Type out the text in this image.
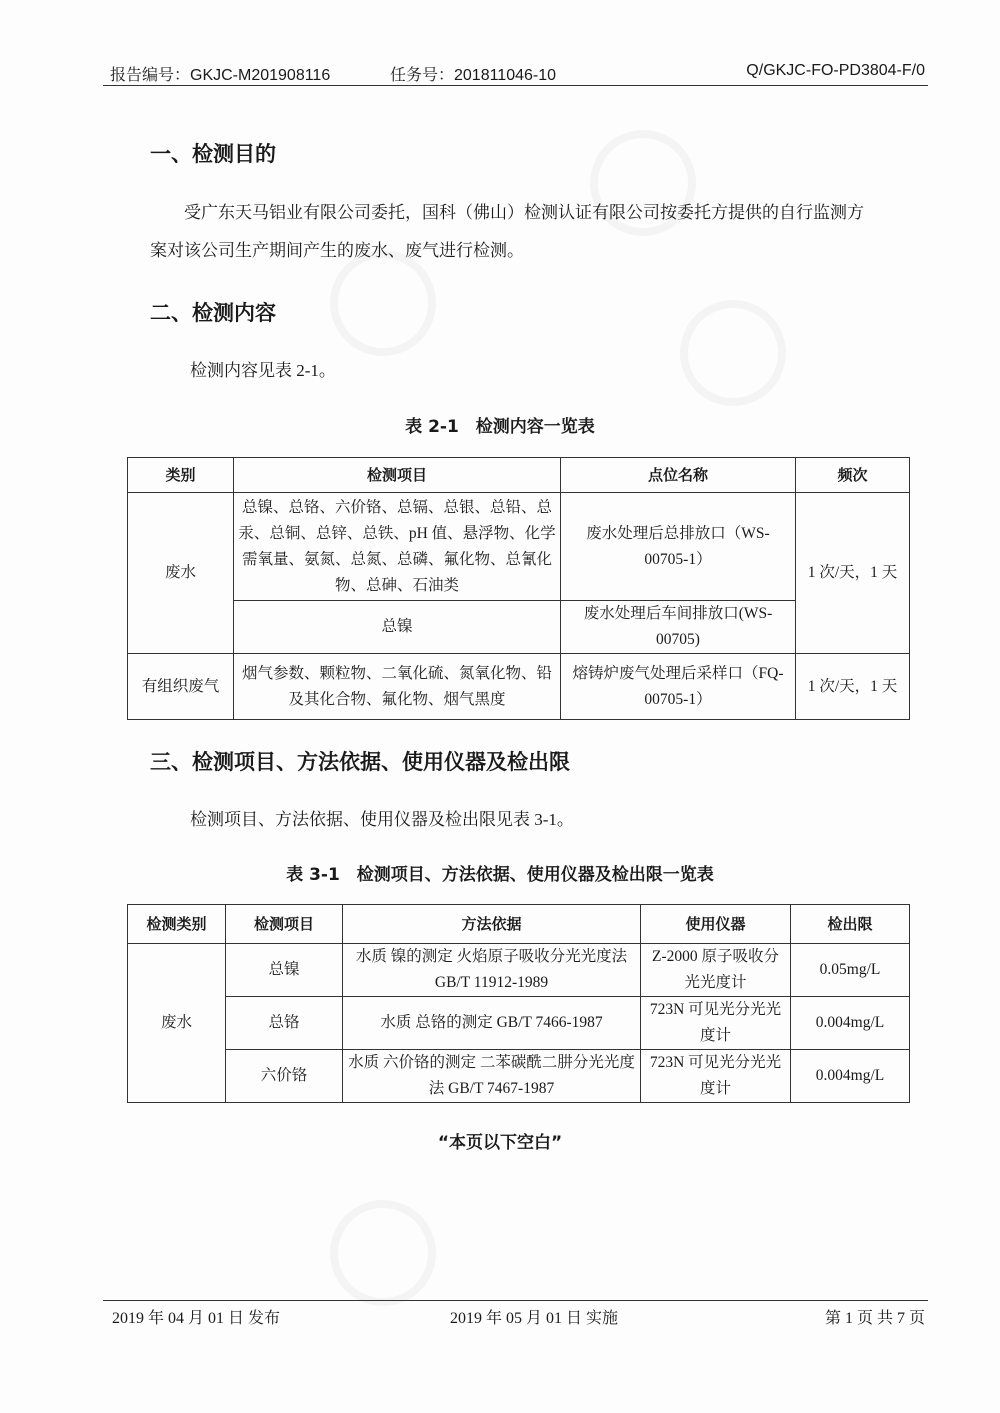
报告编号：GKJC-M201908116	任务号：201811046-10	Q/GKJC-FO-PD3804-F/0
一、检测目的

受广东天马铝业有限公司委托，国科（佛山）检测认证有限公司按委托方提供的自行监测方案对该公司生产期间产生的废水、废气进行检测。

二、检测内容

检测内容见表 2-1。

表 2-1　检测内容一览表
类别	检测项目	点位名称	频次
废水	总镍、总铬、六价铬、总镉、总银、总铅、总汞、总铜、总锌、总铁、pH 值、悬浮物、化学需氧量、氨氮、总氮、总磷、氟化物、总氰化物、总砷、石油类	废水处理后总排放口（WS-00705-1）	1 次/天，1 天
	总镍	废水处理后车间排放口(WS-00705)	
有组织废气	烟气参数、颗粒物、二氧化硫、氮氧化物、铅及其化合物、氟化物、烟气黑度	熔铸炉废气处理后采样口（FQ-00705-1）	1 次/天，1 天
三、检测项目、方法依据、使用仪器及检出限

检测项目、方法依据、使用仪器及检出限见表 3-1。

表 3-1　检测项目、方法依据、使用仪器及检出限一览表
检测类别	检测项目	方法依据	使用仪器	检出限
废水	总镍	水质 镍的测定 火焰原子吸收分光光度法 GB/T 11912-1989	Z-2000 原子吸收分光光度计	0.05mg/L
	总铬	水质 总铬的测定 GB/T 7466-1987	723N 可见光分光光度计	0.004mg/L
	六价铬	水质 六价铬的测定 二苯碳酰二肼分光光度法 GB/T 7467-1987	723N 可见光分光光度计	0.004mg/L
“本页以下空白”
2019 年 04 月 01 日 发布	2019 年 05 月 01 日 实施	第 1 页 共 7 页
